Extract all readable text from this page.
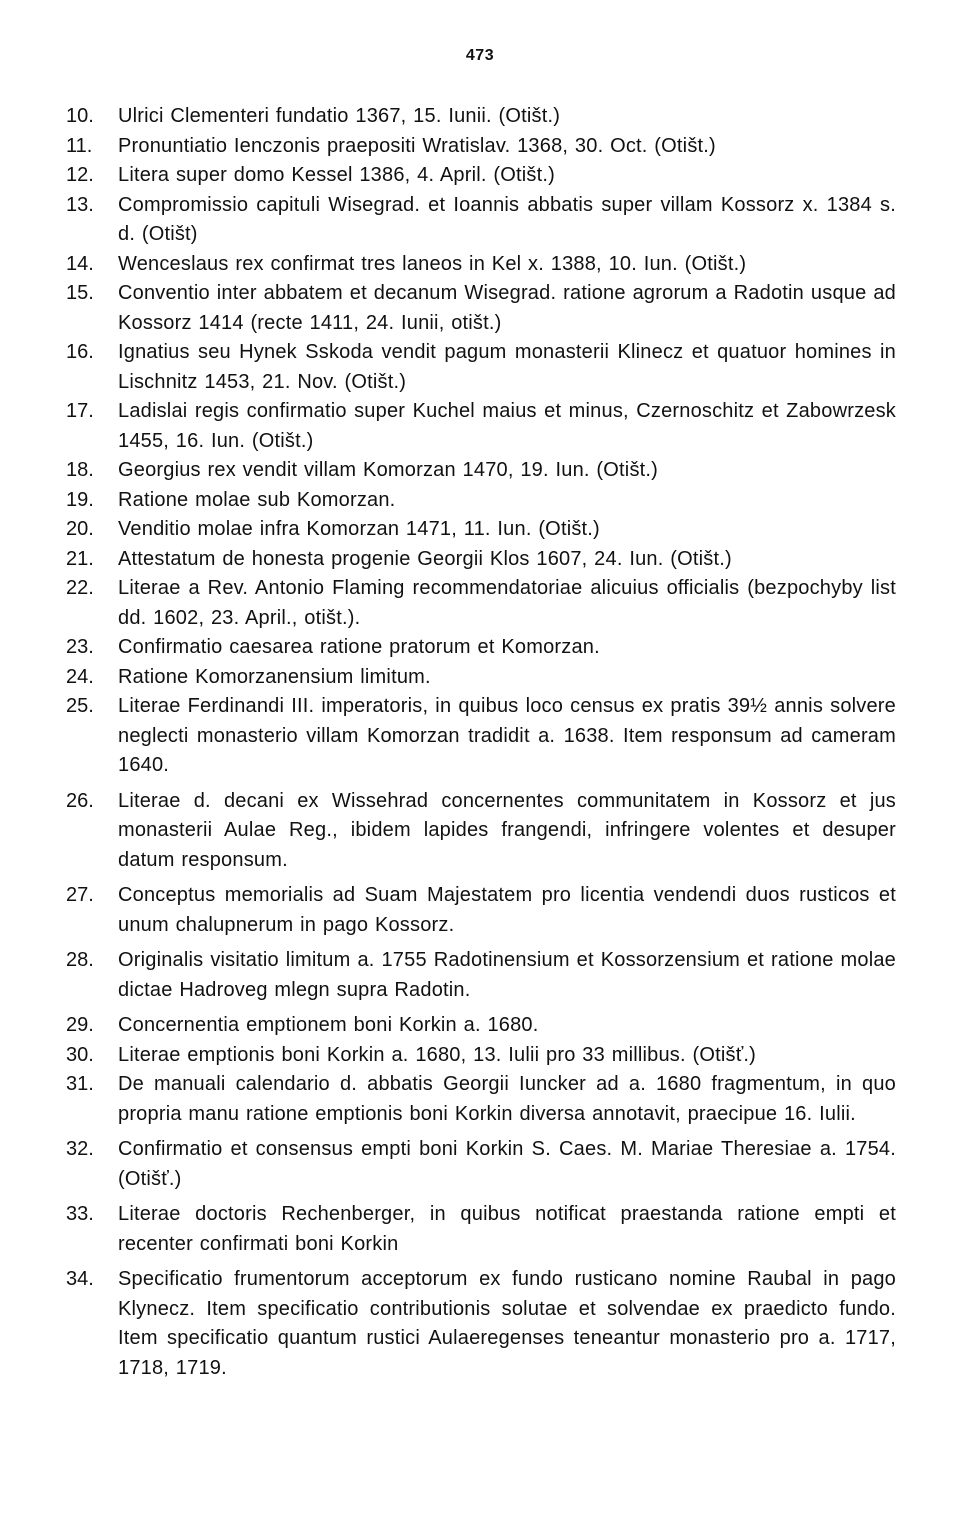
473
10.	Ulrici Clementeri fundatio 1367, 15. Iunii. (Otišt.)
11.	Pronuntiatio Ienczonis praepositi Wratislav. 1368, 30. Oct. (Otišt.)
12.	Litera super domo Kessel 1386, 4. April. (Otišt.)
13.	Compromissio capituli Wisegrad. et Ioannis abbatis super villam Kossorz x. 1384 s. d. (Otišt)
14.	Wenceslaus rex confirmat tres laneos in Kel x. 1388, 10. Iun. (Otišt.)
15.	Conventio inter abbatem et decanum Wisegrad. ratione agrorum a Radotin usque ad Kossorz 1414 (recte 1411, 24. Iunii, otišt.)
16.	Ignatius seu Hynek Sskoda vendit pagum monasterii Klinecz et quatuor homines in Lischnitz 1453, 21. Nov. (Otišt.)
17.	Ladislai regis confirmatio super Kuchel maius et minus, Czernoschitz et Zabowrzesk 1455, 16. Iun. (Otišt.)
18.	Georgius rex vendit villam Komorzan 1470, 19. Iun. (Otišt.)
19.	Ratione molae sub Komorzan.
20.	Venditio molae infra Komorzan 1471, 11. Iun. (Otišt.)
21.	Attestatum de honesta progenie Georgii Klos 1607, 24. Iun. (Otišt.)
22.	Literae a Rev. Antonio Flaming recommendatoriae alicuius officialis (bezpochyby list dd. 1602, 23. April., otišt.).
23.	Confirmatio caesarea ratione pratorum et Komorzan.
24.	Ratione Komorzanensium limitum.
25.	Literae Ferdinandi III. imperatoris, in quibus loco census ex pratis 39½ annis solvere neglecti monasterio villam Komorzan tradidit a. 1638. Item responsum ad cameram 1640.
26.	Literae d. decani ex Wissehrad concernentes communitatem in Kossorz et jus monasterii Aulae Reg., ibidem lapides frangendi, infringere volentes et desuper datum responsum.
27.	Conceptus memorialis ad Suam Majestatem pro licentia vendendi duos rusticos et unum chalupnerum in pago Kossorz.
28.	Originalis visitatio limitum a. 1755 Radotinensium et Kossorzensium et ratione molae dictae Hadroveg mlegn supra Radotin.
29.	Concernentia emptionem boni Korkin a. 1680.
30.	Literae emptionis boni Korkin a. 1680, 13. Iulii pro 33 millibus. (Otišť.)
31.	De manuali calendario d. abbatis Georgii Iuncker ad a. 1680 fragmentum, in quo propria manu ratione emptionis boni Korkin diversa annotavit, praecipue 16. Iulii.
32.	Confirmatio et consensus empti boni Korkin S. Caes. M. Mariae Theresiae a. 1754. (Otišť.)
33.	Literae doctoris Rechenberger, in quibus notificat praestanda ratione empti et recenter confirmati boni Korkin
34.	Specificatio frumentorum acceptorum ex fundo rusticano nomine Raubal in pago Klynecz. Item specificatio contributionis solutae et solvendae ex praedicto fundo. Item specificatio quantum rustici Aulaeregenses teneantur monasterio pro a. 1717, 1718, 1719.
